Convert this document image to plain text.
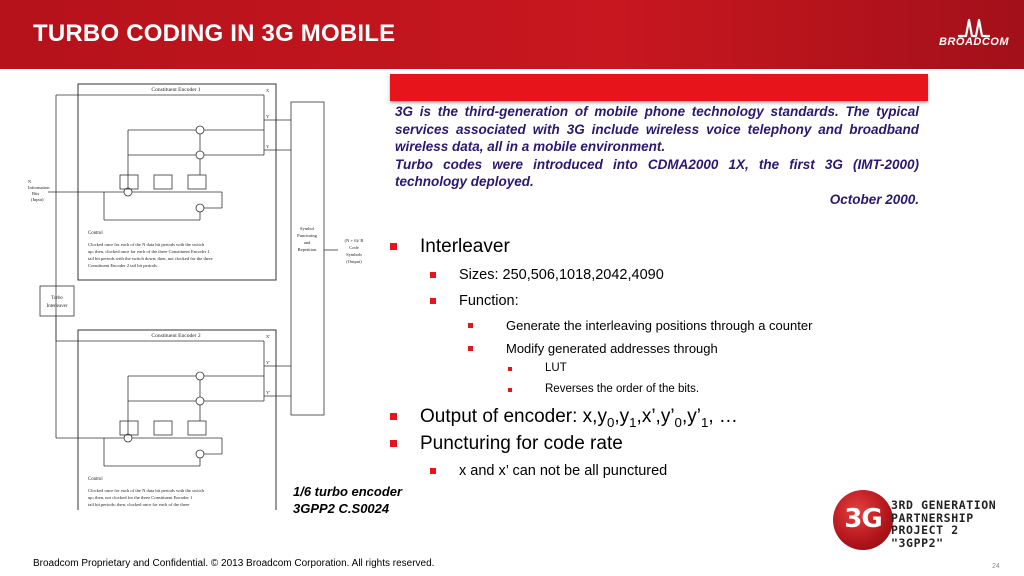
TURBO CODING IN 3G MOBILE	BROADCOM
Constituent Encoder 1
Constituent Encoder 2
X
Y
Y
Control
Clocked once for each of the N data bit periods with the switch
up; then, clocked once for each of the three Constituent Encoder 1
tail bit periods with the switch down; then, not clocked for the three
Constituent Encoder 2 tail bit periods.
X'
Y'
Y'
Control
Clocked once for each of the N data bit periods with the switch
up; then, not clocked for the three Constituent Encoder 1
tail bit periods; then, clocked once for each of the three
N
Information
Bits
(Input)
Turbo
Interleaver
Symbol
Puncturing
and
Repetition
(N + 6)/ R
Code
Symbols
(Output)
1/6 turbo encoder
3GPP2 C.S0024

3G is the third-generation of mobile phone technology standards. The typical services associated with 3G include wireless voice telephony and broadband wireless data, all in a mobile environment.

Turbo codes were introduced into CDMA2000 1X, the first 3G (IMT-2000) technology deployed.

October 2000.

Interleaver
Sizes: 250,506,1018,2042,4090
Function:
Generate the interleaving positions through a counter
Modify generated addresses through
LUT
Reverses the order of the bits.
Output of encoder: $x,y_0,y_1,x’,y’_0,y’_1$, …
Puncturing for code rate
x and x’ can not be all punctured
3G 3RD GENERATION
PARTNERSHIP
PROJECT 2
"3GPP2"
Broadcom Proprietary and Confidential. © 2013 Broadcom Corporation. All rights reserved.	24
